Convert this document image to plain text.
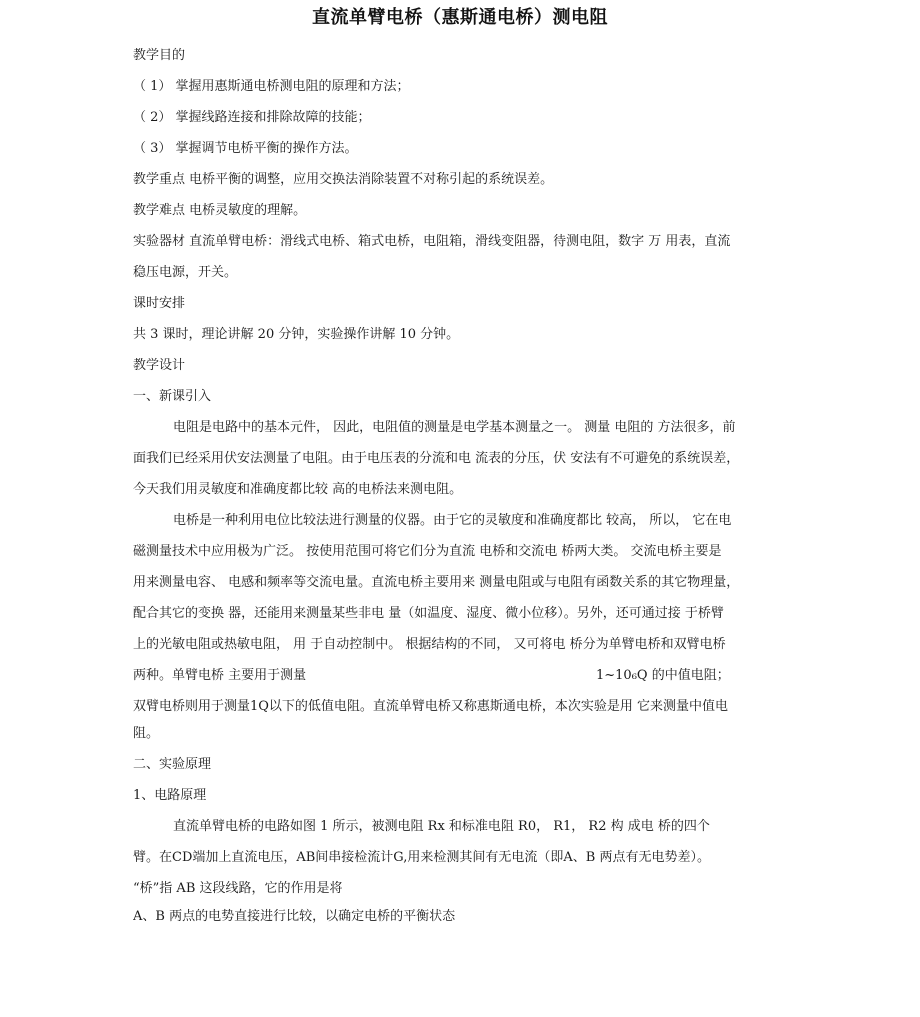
直流单臂电桥（惠斯通电桥）测电阻
教学目的
（ 1） 掌握用惠斯通电桥测电阻的原理和方法；
（ 2） 掌握线路连接和排除故障的技能；
（ 3） 掌握调节电桥平衡的操作方法。
教学重点 电桥平衡的调整，应用交换法消除装置不对称引起的系统误差。
教学难点 电桥灵敏度的理解。
实验器材 直流单臂电桥：滑线式电桥、箱式电桥，电阻箱，滑线变阻器，待测电阻，数字 万 用表，直流
稳压电源，开关。
课时安排
共 3 课时，理论讲解 20 分钟，实验操作讲解 10 分钟。
教学设计
一、新课引入
电阻是电路中的基本元件， 因此，电阻值的测量是电学基本测量之一。 测量 电阻的 方法很多，前
面我们已经采用伏安法测量了电阻。由于电压表的分流和电 流表的分压，伏 安法有不可避免的系统误差，
今天我们用灵敏度和准确度都比较 高的电桥法来测电阻。
电桥是一种利用电位比较法进行测量的仪器。由于它的灵敏度和准确度都比 较高， 所以， 它在电
磁测量技术中应用极为广泛。 按使用范围可将它们分为直流 电桥和交流电 桥两大类。 交流电桥主要是
用来测量电容、 电感和频率等交流电量。直流电桥主要用来 测量电阻或与电阻有函数关系的其它物理量，
配合其它的变换 器，还能用来测量某些非电 量（如温度、湿度、微小位移）。另外，还可通过接 于桥臂
上的光敏电阻或热敏电阻， 用 于自动控制中。 根据结构的不同， 又可将电 桥分为单臂电桥和双臂电桥
两种。单臂电桥 主要用于测量	1~10₆Q 的中值电阻；
双臂电桥则用于测量1Q以下的低值电阻。直流单臂电桥又称惠斯通电桥，本次实验是用 它来测量中值电
阻。
二、实验原理
1、电路原理
直流单臂电桥的电路如图 1 所示，被测电阻 Rx 和标准电阻 R0， R1， R2 构 成电 桥的四个
臂。在CD端加上直流电压，AB间串接检流计G,用来检测其间有无电流（即A、B 两点有无电势差）。
“桥”指 AB 这段线路，它的作用是将
A、B 两点的电势直接进行比较，以确定电桥的平衡状态
